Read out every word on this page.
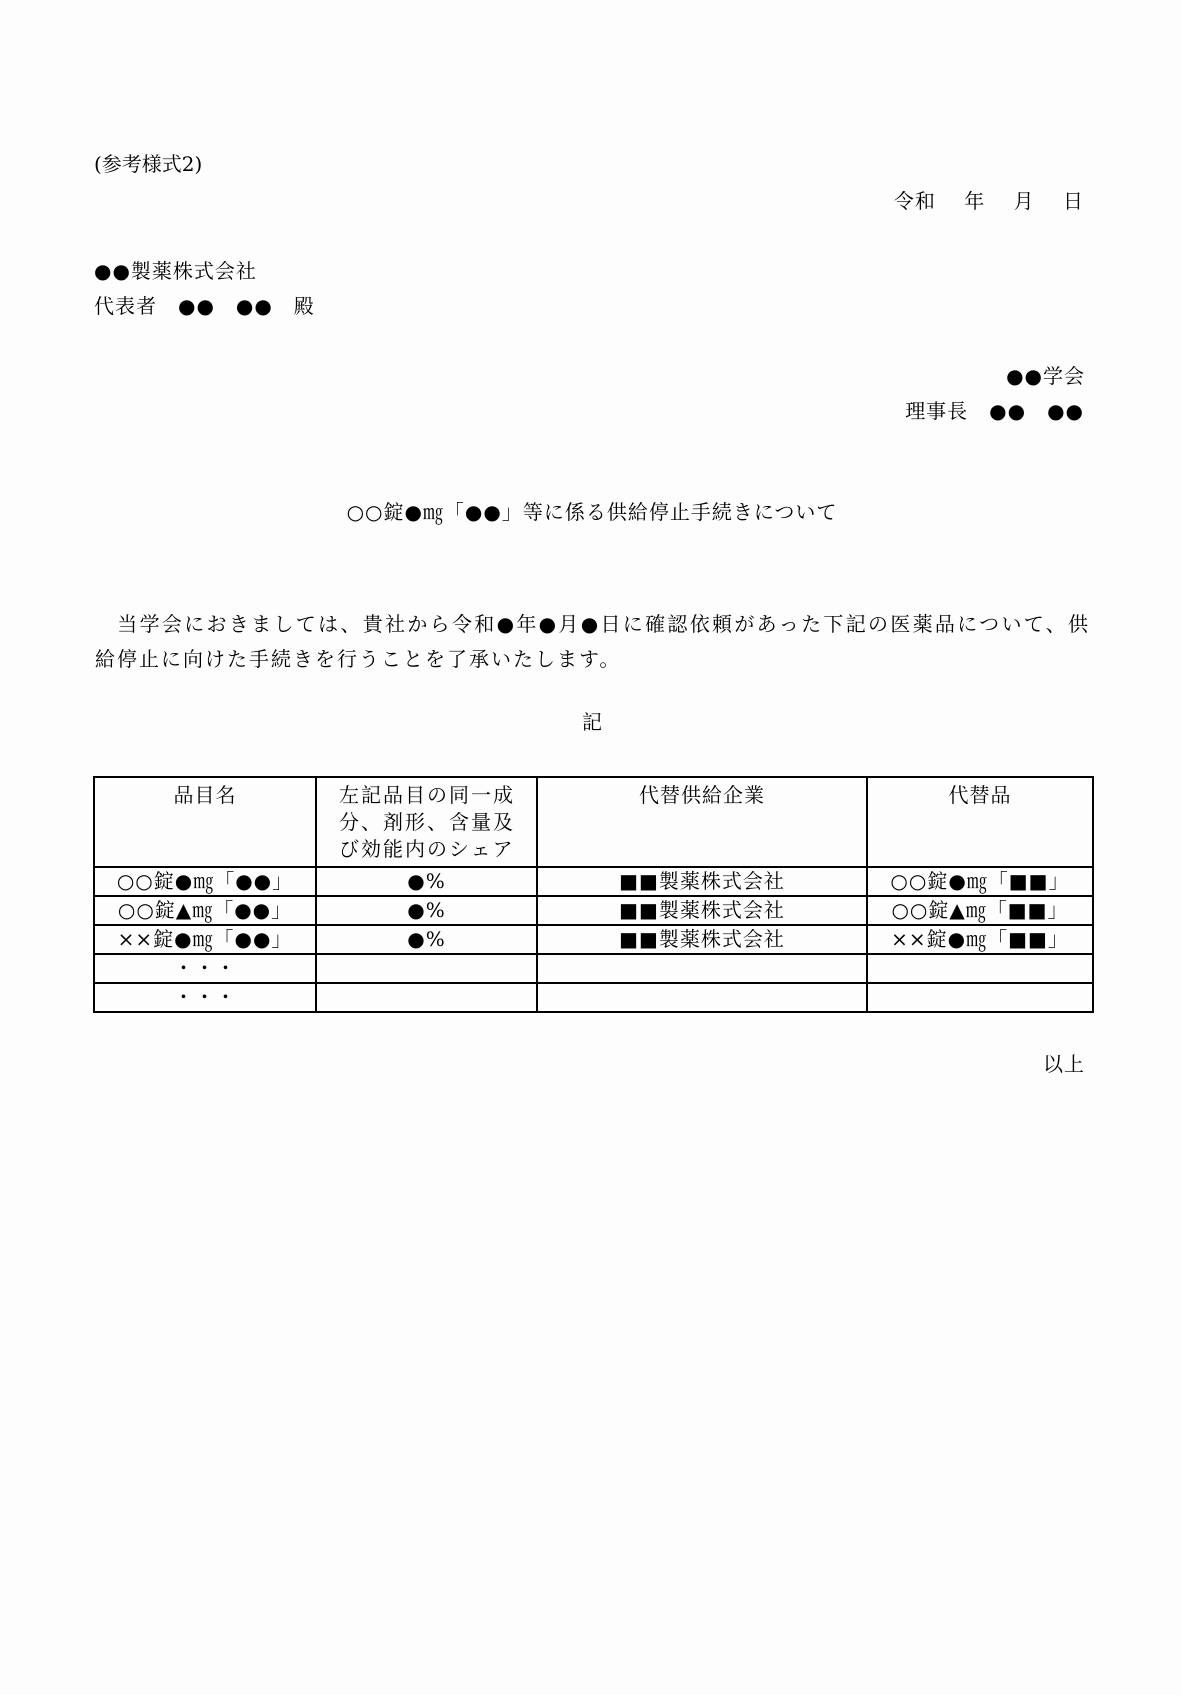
(参考様式2)
令和　 年　 月　 日
●●製薬株式会社
代表者　●●　●●　殿
●●学会
理事長　●●　●●
○○錠●㎎「●●」等に係る供給停止手続きについて
　当学会におきましては、貴社から令和●年●月●日に確認依頼があった下記の医薬品について、供給停止に向けた手続きを行うことを了承いたします。
記
品目名	左記品目の同一成分、剤形、含量及び効能内のシェア	代替供給企業	代替品
○○錠●㎎「●●」	●%	■■製薬株式会社	○○錠●㎎「■■」
○○錠▲㎎「●●」	●%	■■製薬株式会社	○○錠▲㎎「■■」
××錠●㎎「●●」	●%	■■製薬株式会社	××錠●㎎「■■」
・・・			
・・・			
以上
